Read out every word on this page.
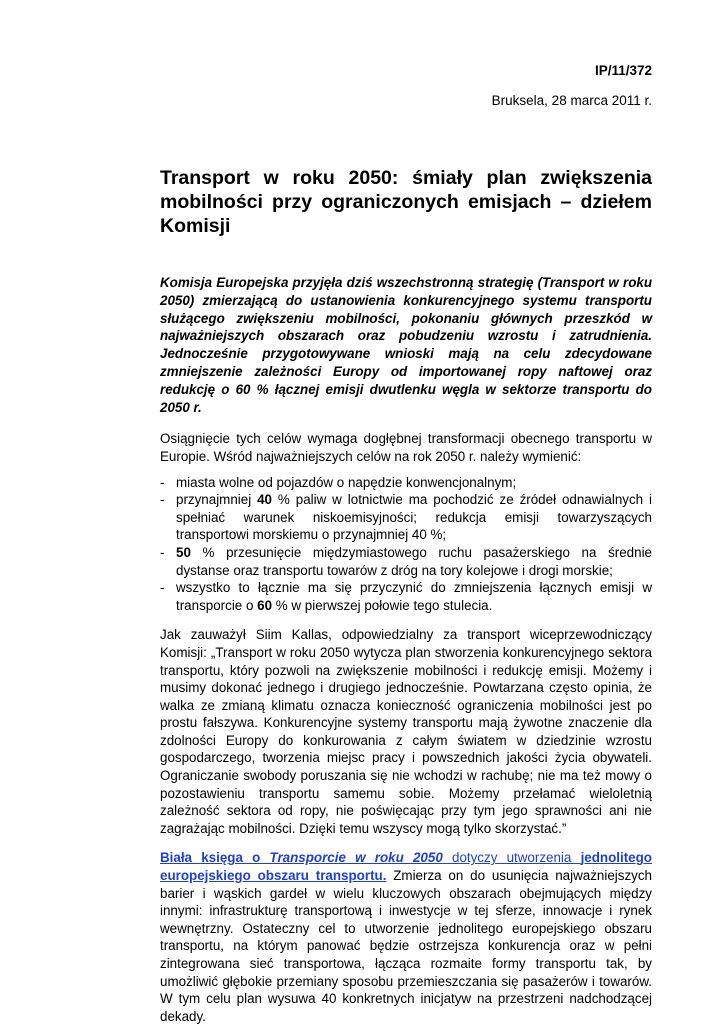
IP/11/372
Bruksela, 28 marca 2011 r.
Transport w roku 2050: śmiały plan zwiększenia mobilności przy ograniczonych emisjach – dziełem Komisji

Komisja Europejska przyjęła dziś wszechstronną strategię (Transport w roku 2050) zmierzającą do ustanowienia konkurencyjnego systemu transportu służącego zwiększeniu mobilności, pokonaniu głównych przeszkód w najważniejszych obszarach oraz pobudzeniu wzrostu i zatrudnienia. Jednocześnie przygotowywane wnioski mają na celu zdecydowane zmniejszenie zależności Europy od importowanej ropy naftowej oraz redukcję o 60 % łącznej emisji dwutlenku węgla w sektorze transportu do 2050 r.

Osiągnięcie tych celów wymaga dogłębnej transformacji obecnego transportu w Europie. Wśród najważniejszych celów na rok 2050 r. należy wymienić:

- miasta wolne od pojazdów o napędzie konwencjonalnym;
- przynajmniej 40 % paliw w lotnictwie ma pochodzić ze źródeł odnawialnych i spełniać warunek niskoemisyjności; redukcja emisji towarzyszących transportowi morskiemu o przynajmniej 40 %;
- 50 % przesunięcie międzymiastowego ruchu pasażerskiego na średnie dystanse oraz transportu towarów z dróg na tory kolejowe i drogi morskie;
- wszystko to łącznie ma się przyczynić do zmniejszenia łącznych emisji w transporcie o 60 % w pierwszej połowie tego stulecia.

Jak zauważył Siim Kallas, odpowiedzialny za transport wiceprzewodniczący Komisji: „Transport w roku 2050 wytycza plan stworzenia konkurencyjnego sektora transportu, który pozwoli na zwiększenie mobilności i redukcję emisji. Możemy i musimy dokonać jednego i drugiego jednocześnie. Powtarzana często opinia, że walka ze zmianą klimatu oznacza konieczność ograniczenia mobilności jest po prostu fałszywa. Konkurencyjne systemy transportu mają żywotne znaczenie dla zdolności Europy do konkurowania z całym światem w dziedzinie wzrostu gospodarczego, tworzenia miejsc pracy i powszednich jakości życia obywateli. Ograniczanie swobody poruszania się nie wchodzi w rachubę; nie ma też mowy o pozostawieniu transportu samemu sobie. Możemy przełamać wieloletnią zależność sektora od ropy, nie poświęcając przy tym jego sprawności ani nie zagrażając mobilności. Dzięki temu wszyscy mogą tylko skorzystać.”

Biała księga o Transporcie w roku 2050 dotyczy utworzenia jednolitego europejskiego obszaru transportu. Zmierza on do usunięcia najważniejszych barier i wąskich gardeł w wielu kluczowych obszarach obejmujących między innymi: infrastrukturę transportową i inwestycje w tej sferze, innowacje i rynek wewnętrzny. Ostateczny cel to utworzenie jednolitego europejskiego obszaru transportu, na którym panować będzie ostrzejsza konkurencja oraz w pełni zintegrowana sieć transportowa, łącząca rozmaite formy transportu tak, by umożliwić głębokie przemiany sposobu przemieszczania się pasażerów i towarów. W tym celu plan wysuwa 40 konkretnych inicjatyw na przestrzeni nadchodzącej dekady.
